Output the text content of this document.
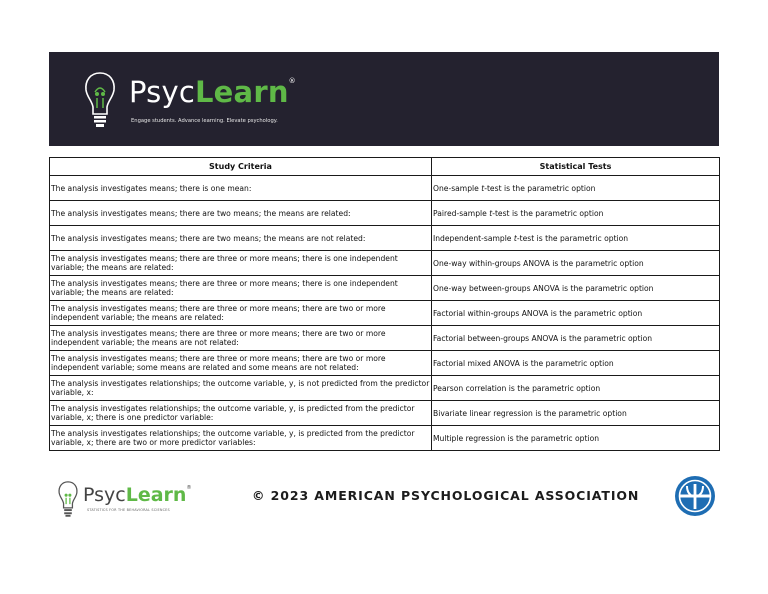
PsycLearn®
Engage students. Advance learning. Elevate psychology.
Study Criteria	Statistical Tests
The analysis investigates means; there is one mean:	One-sample t-test is the parametric option
The analysis investigates means; there are two means; the means are related:	Paired-sample t-test is the parametric option
The analysis investigates means; there are two means; the means are not related:	Independent-sample t-test is the parametric option
The analysis investigates means; there are three or more means; there is one independent variable; the means are related:	One-way within-groups ANOVA is the parametric option
The analysis investigates means; there are three or more means; there is one independent variable; the means are related:	One-way between-groups ANOVA is the parametric option
The analysis investigates means; there are three or more means; there are two or more independent variable; the means are related:	Factorial within-groups ANOVA is the parametric option
The analysis investigates means; there are three or more means; there are two or more independent variable; the means are not related:	Factorial between-groups ANOVA is the parametric option
The analysis investigates means; there are three or more means; there are two or more independent variable; some means are related and some means are not related:	Factorial mixed ANOVA is the parametric option
The analysis investigates relationships; the outcome variable, y, is not predicted from the predictor variable, x:	Pearson correlation is the parametric option
The analysis investigates relationships; the outcome variable, y, is predicted from the predictor variable, x; there is one predictor variable:	Bivariate linear regression is the parametric option
The analysis investigates relationships; the outcome variable, y, is predicted from the predictor variable, x; there are two or more predictor variables:	Multiple regression is the parametric option
PsycLearn®
STATISTICS FOR THE BEHAVIORAL SCIENCES
© 2023 AMERICAN PSYCHOLOGICAL ASSOCIATION
